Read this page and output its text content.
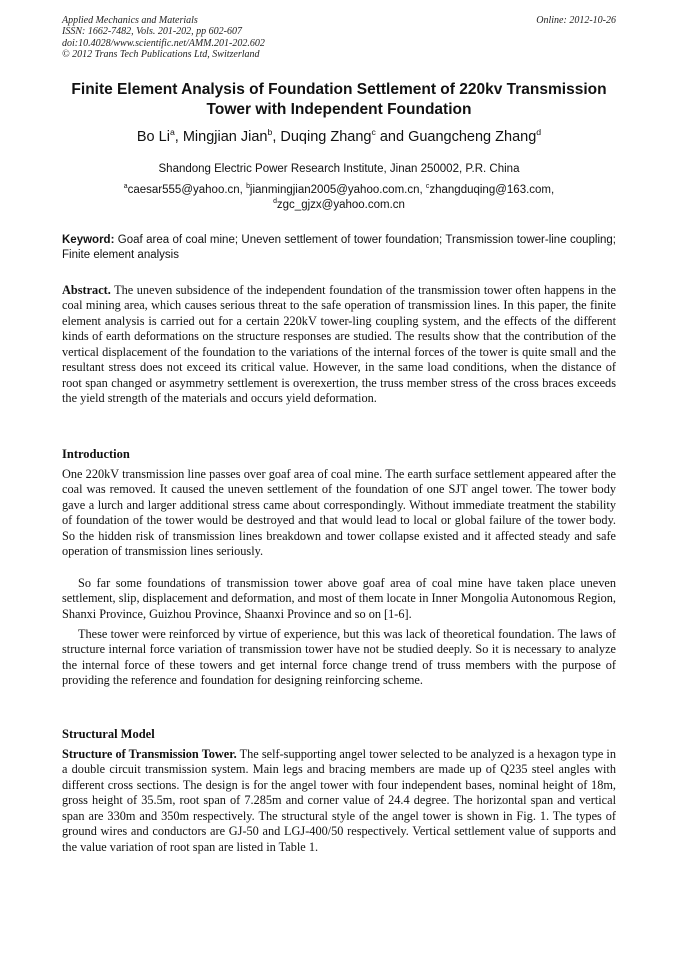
Applied Mechanics and Materials
ISSN: 1662-7482, Vols. 201-202, pp 602-607
doi:10.4028/www.scientific.net/AMM.201-202.602
© 2012 Trans Tech Publications Ltd, Switzerland
Online: 2012-10-26
Finite Element Analysis of Foundation Settlement of 220kv Transmission Tower with Independent Foundation
Bo Li$^a$, Mingjian Jian$^b$, Duqing Zhang$^c$ and Guangcheng Zhang$^d$
Shandong Electric Power Research Institute, Jinan 250002, P.R. China
$^a$caesar555@yahoo.cn, $^b$jianmingjian2005@yahoo.com.cn, $^c$zhangduqing@163.com,
$^d$zgc_gjzx@yahoo.com.cn
Keyword: Goaf area of coal mine; Uneven settlement of tower foundation; Transmission tower-line coupling; Finite element analysis
Abstract. The uneven subsidence of the independent foundation of the transmission tower often happens in the coal mining area, which causes serious threat to the safe operation of transmission lines. In this paper, the finite element analysis is carried out for a certain 220kV tower-ling coupling system, and the effects of the different kinds of earth deformations on the structure responses are studied. The results show that the contribution of the vertical displacement of the foundation to the variations of the internal forces of the tower is quite small and the resultant stress does not exceed its critical value. However, in the same load conditions, when the distance of root span changed or asymmetry settlement is overexertion, the truss member stress of the cross braces exceeds the yield strength of the materials and occurs yield deformation.
Introduction
One 220kV transmission line passes over goaf area of coal mine. The earth surface settlement appeared after the coal was removed. It caused the uneven settlement of the foundation of one SJT angel tower. The tower body gave a lurch and larger additional stress came about correspondingly. Without immediate treatment the stability of foundation of the tower would be destroyed and that would lead to local or global failure of the tower body. So the hidden risk of transmission lines breakdown and tower collapse existed and it affected steady and safe operation of transmission lines seriously.
So far some foundations of transmission tower above goaf area of coal mine have taken place uneven settlement, slip, displacement and deformation, and most of them locate in Inner Mongolia Autonomous Region, Shanxi Province, Guizhou Province, Shaanxi Province and so on [1-6].
These tower were reinforced by virtue of experience, but this was lack of theoretical foundation. The laws of structure internal force variation of transmission tower have not be studied deeply. So it is necessary to analyze the internal force of these towers and get internal force change trend of truss members with the purpose of providing the reference and foundation for designing reinforcing scheme.
Structural Model
Structure of Transmission Tower. The self-supporting angel tower selected to be analyzed is a hexagon type in a double circuit transmission system. Main legs and bracing members are made up of Q235 steel angles with different cross sections. The design is for the angel tower with four independent bases, nominal height of 18m, gross height of 35.5m, root span of 7.285m and corner value of 24.4 degree. The horizontal span and vertical span are 330m and 350m respectively. The structural style of the angel tower is shown in Fig. 1. The types of ground wires and conductors are GJ-50 and LGJ-400/50 respectively. Vertical settlement value of supports and the value variation of root span are listed in Table 1.
